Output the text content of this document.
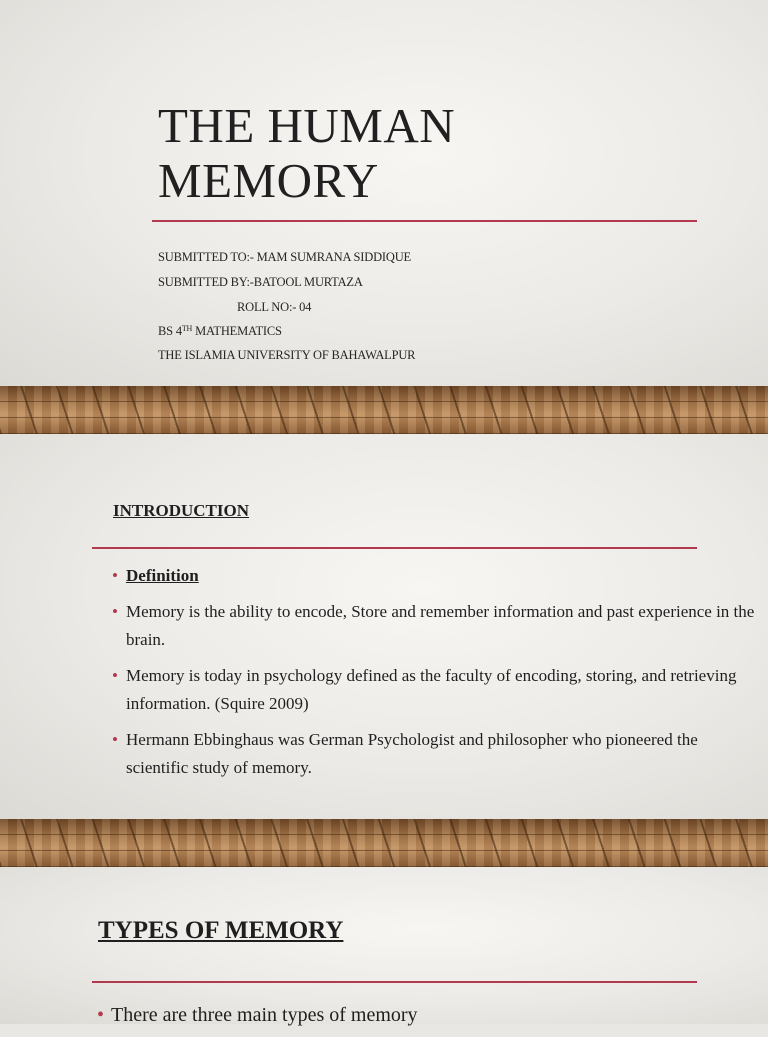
THE HUMAN
MEMORY
SUBMITTED TO:- MAM SUMRANA SIDDIQUE
SUBMITTED BY:-BATOOL MURTAZA
ROLL NO:- 04
BS 4TH MATHEMATICS
THE ISLAMIA UNIVERSITY OF BAHAWALPUR
INTRODUCTION
• Definition
• Memory is the ability to encode, Store and remember information and past experience in the brain.
• Memory is today in psychology defined as the faculty of encoding, storing, and retrieving information. (Squire 2009)
• Hermann Ebbinghaus was German Psychologist and philosopher who pioneered the scientific study of memory.
TYPES OF MEMORY
• There are three main types of memory
